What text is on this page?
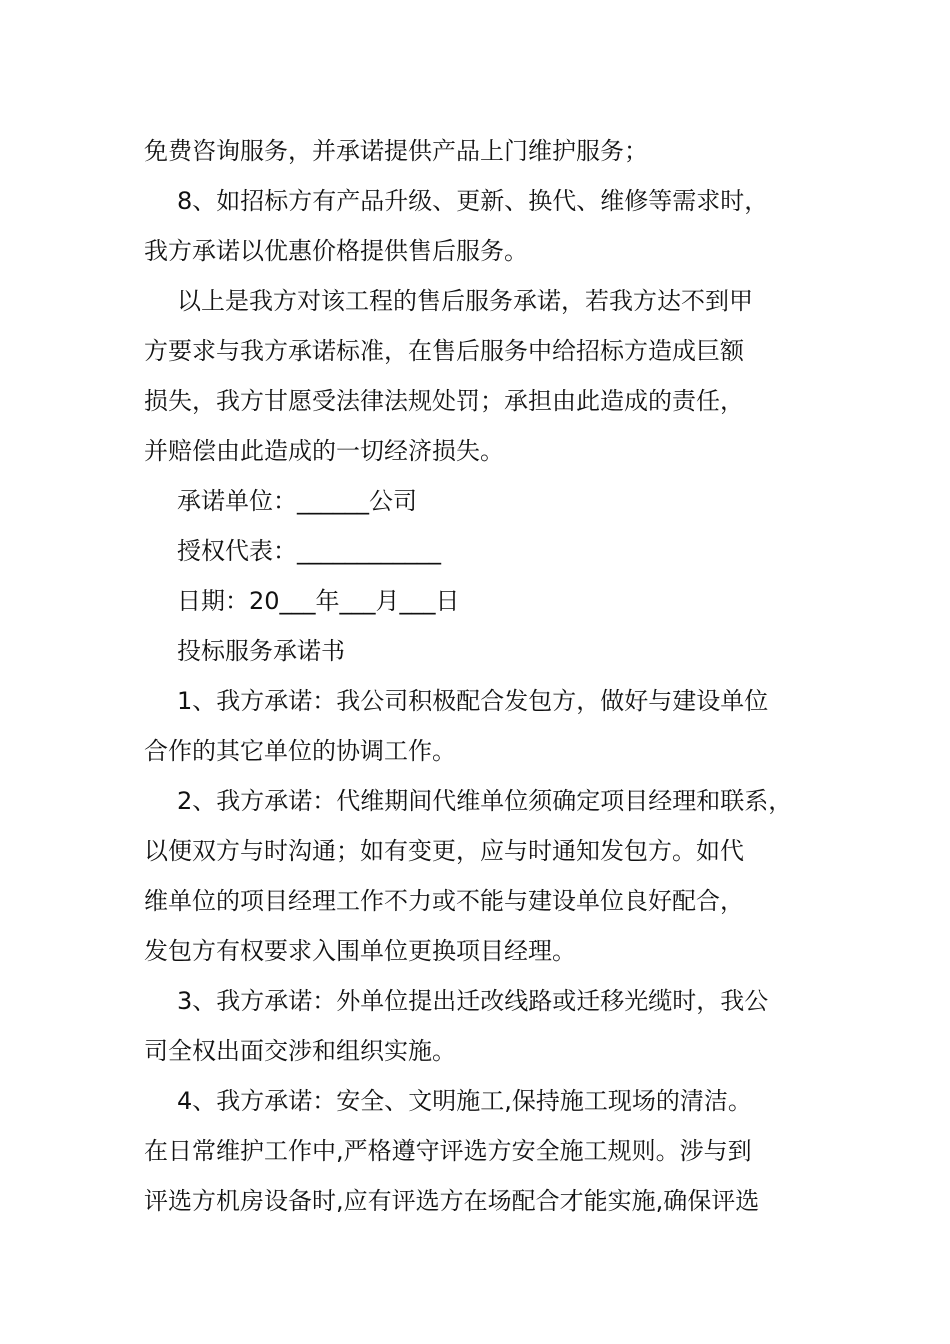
免费咨询服务，并承诺提供产品上门维护服务；
8、如招标方有产品升级、更新、换代、维修等需求时，
我方承诺以优惠价格提供售后服务。
以上是我方对该工程的售后服务承诺，若我方达不到甲
方要求与我方承诺标准，在售后服务中给招标方造成巨额
损失，我方甘愿受法律法规处罚；承担由此造成的责任，
并赔偿由此造成的一切经济损失。
承诺单位：______公司
授权代表：____________
日期：20___年___月___日
投标服务承诺书
1、我方承诺：我公司积极配合发包方，做好与建设单位
合作的其它单位的协调工作。
2、我方承诺：代维期间代维单位须确定项目经理和联系，
以便双方与时沟通；如有变更，应与时通知发包方。如代
维单位的项目经理工作不力或不能与建设单位良好配合，
发包方有权要求入围单位更换项目经理。
3、我方承诺：外单位提出迁改线路或迁移光缆时，我公
司全权出面交涉和组织实施。
4、我方承诺：安全、文明施工,保持施工现场的清洁。
在日常维护工作中,严格遵守评选方安全施工规则。涉与到
评选方机房设备时,应有评选方在场配合才能实施,确保评选
